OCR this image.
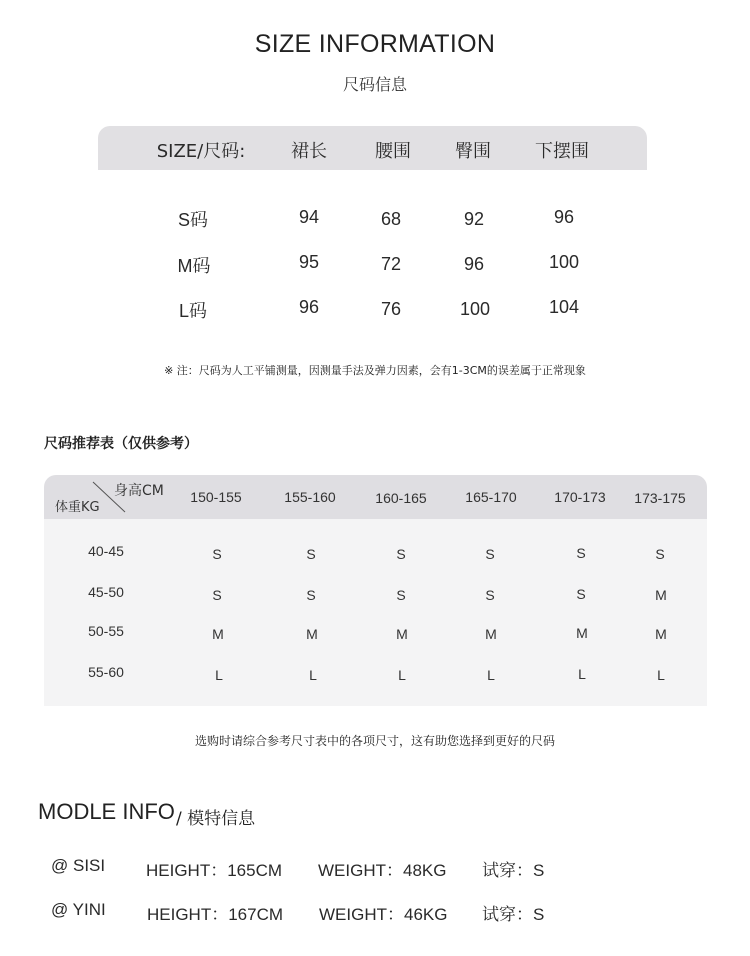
SIZE INFORMATION
尺码信息
SIZE/尺码:	裙长	腰围 臀围 下摆围
S码	94	68	92	96
M码	95	72	96	100
L码	96	76	100	104
※ 注：尺码为人工平铺测量，因测量手法及弹力因素，会有1-3CM的误差属于正常现象
尺码推荐表（仅供参考）
身高CM
体重KG
150-155	155-160	160-165	165-170	170-173 173-175
40-45	S	S	S	S	S	S
45-50	S	S	S	S	S	M
50-55	M	M	M	M	M	M
55-60	L	L	L	L	L	L
选购时请综合参考尺寸表中的各项尺寸，这有助您选择到更好的尺码
MODLE INFO / 模特信息
@ SISI HEIGHT：165CM WEIGHT：48KG 试穿：S
@ YINI HEIGHT：167CM WEIGHT：46KG 试穿：S
